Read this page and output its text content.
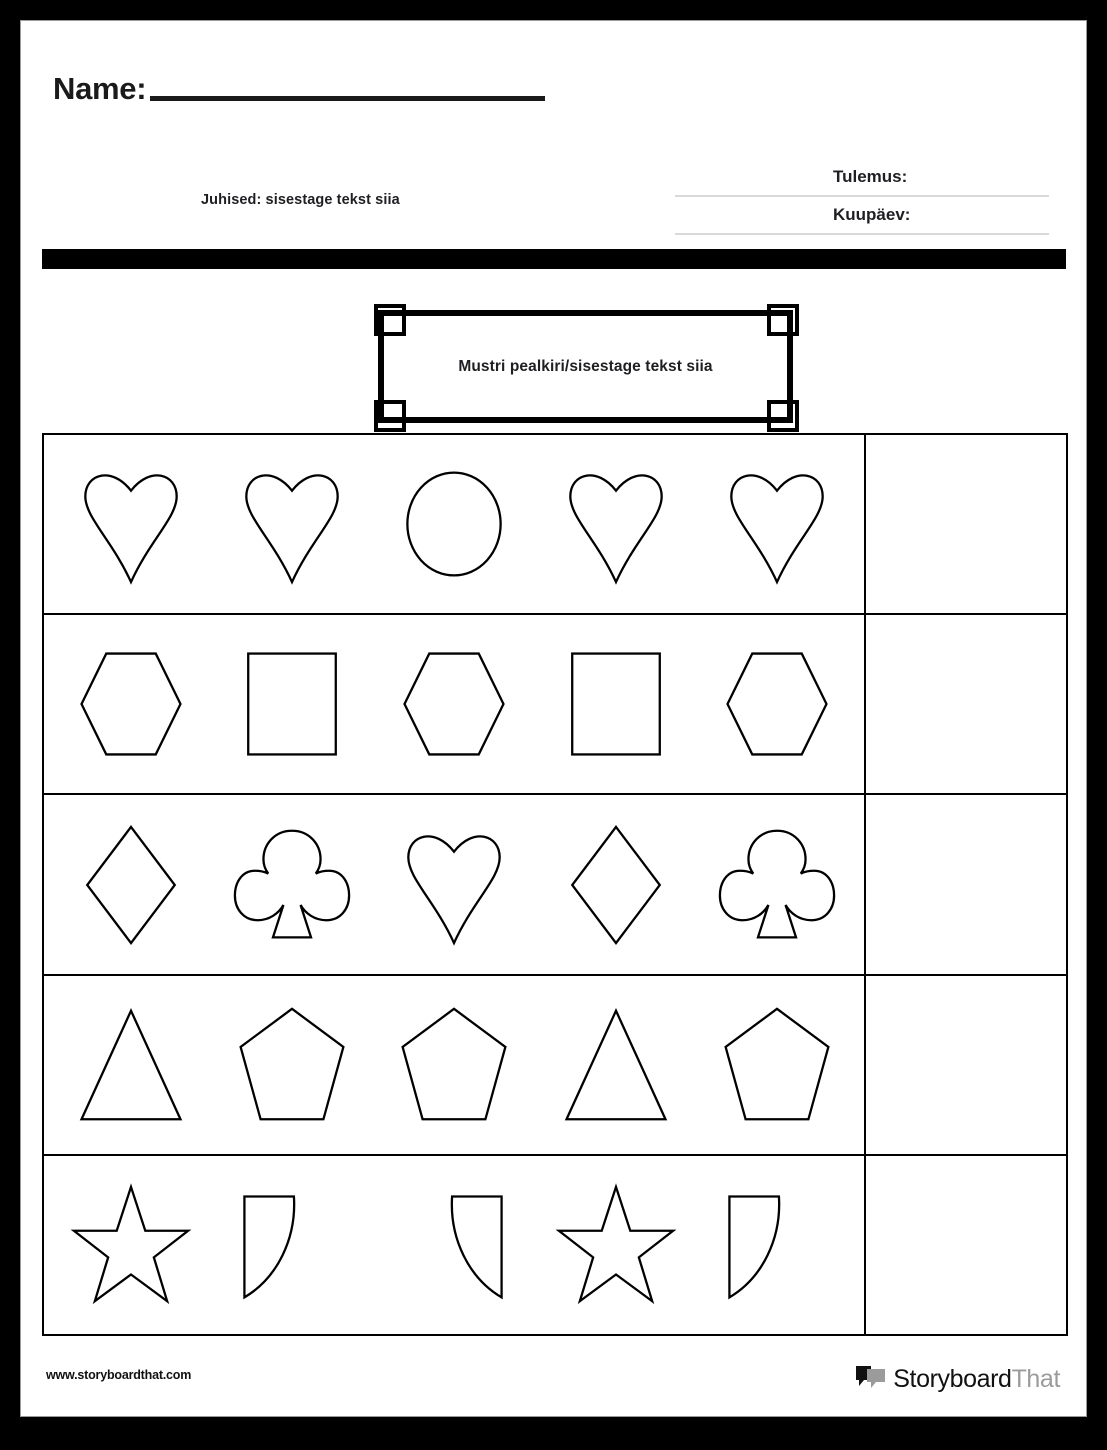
Name:
Juhised: sisestage tekst siia
Tulemus:
Kuupäev:
Mustri pealkiri/sisestage tekst siia
www.storyboardthat.com	StoryboardThat
